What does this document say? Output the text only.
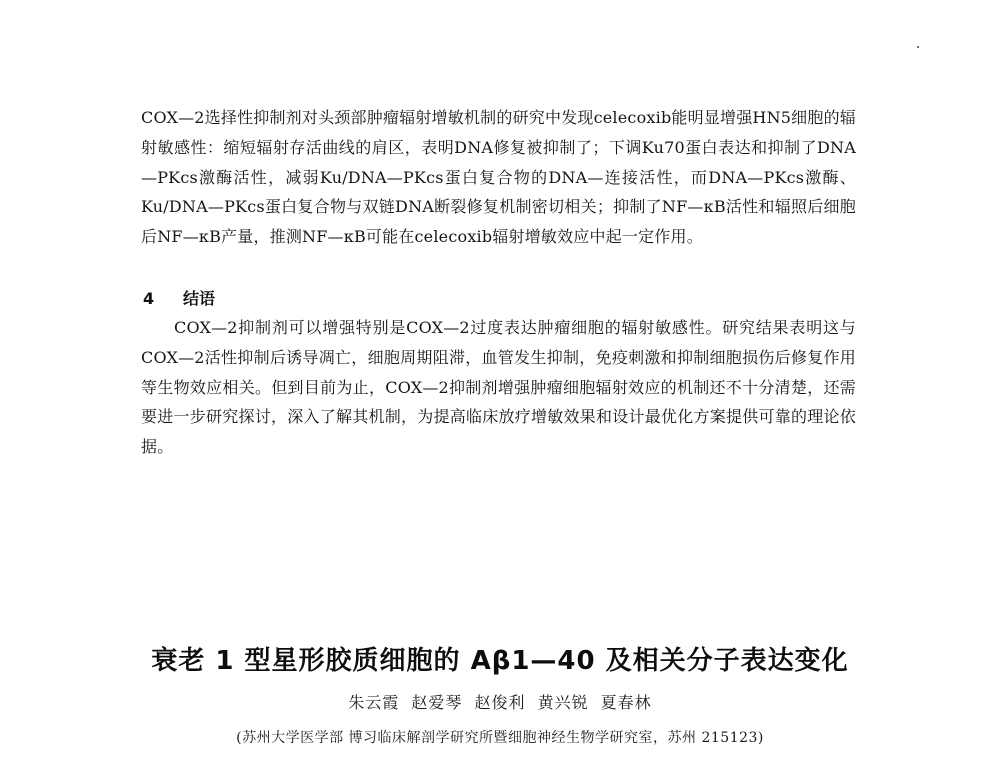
COX—2选择性抑制剂对头颈部肿瘤辐射增敏机制的研究中发现celecoxib能明显增强HN5细胞的辐射敏感性：缩短辐射存活曲线的肩区，表明DNA修复被抑制了；下调Ku70蛋白表达和抑制了DNA—PKcs激酶活性，减弱Ku/DNA—PKcs蛋白复合物的DNA—连接活性，而DNA—PKcs激酶、Ku/DNA—PKcs蛋白复合物与双链DNA断裂修复机制密切相关；抑制了NF—κB活性和辐照后细胞后NF—κB产量，推测NF—κB可能在celecoxib辐射增敏效应中起一定作用。

4 结语

COX—2抑制剂可以增强特别是COX—2过度表达肿瘤细胞的辐射敏感性。研究结果表明这与COX—2活性抑制后诱导凋亡，细胞周期阻滞，血管发生抑制，免疫刺激和抑制细胞损伤后修复作用等生物效应相关。但到目前为止，COX—2抑制剂增强肿瘤细胞辐射效应的机制还不十分清楚，还需要进一步研究探讨，深入了解其机制，为提高临床放疗增敏效果和设计最优化方案提供可靠的理论依据。

衰老 1 型星形胶质细胞的 Aβ1—40 及相关分子表达变化
朱云霞 赵爱琴 赵俊利 黄兴锐 夏春林
(苏州大学医学部 博习临床解剖学研究所暨细胞神经生物学研究室，苏州 215123)
